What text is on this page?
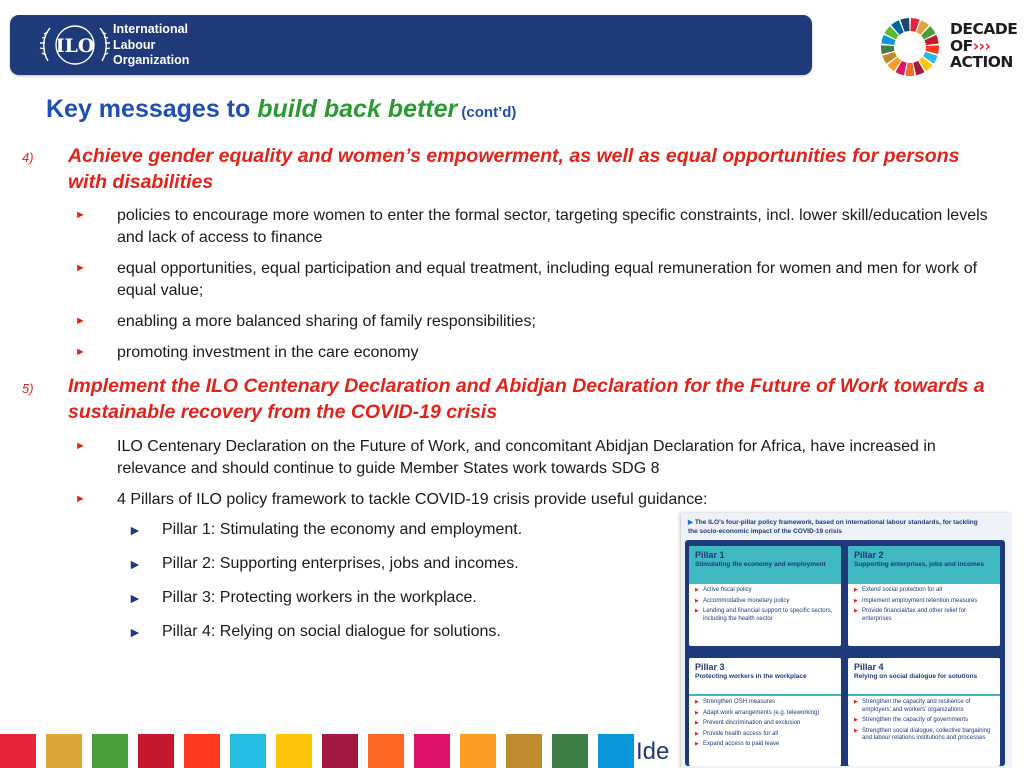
ILO
International
Labour
Organization
DECADE
OF›››
ACTION
Key messages to build back better (cont’d)
4) Achieve gender equality and women’s empowerment, as well as equal opportunities for persons with disabilities
► policies to encourage more women to enter the formal sector, targeting specific constraints, incl. lower skill/education levels and lack of access to finance
► equal opportunities, equal participation and equal treatment, including equal remuneration for women and men for work of equal value;
► enabling a more balanced sharing of family responsibilities;
► promoting investment in the care economy
5) Implement the ILO Centenary Declaration and Abidjan Declaration for the Future of Work towards a sustainable recovery from the COVID-19 crisis
► ILO Centenary Declaration on the Future of Work, and concomitant Abidjan Declaration for Africa, have increased in relevance and should continue to guide Member States work towards SDG 8
► 4 Pillars of ILO policy framework to tackle COVID-19 crisis provide useful guidance:
► Pillar 1: Stimulating the economy and employment.
► Pillar 2: Supporting enterprises, jobs and incomes.
► Pillar 3: Protecting workers in the workplace.
► Pillar 4: Relying on social dialogue for solutions.
Ide
▶ The ILO’s four-pillar policy framework, based on international labour standards, for tackling the socio-economic impact of the COVID-19 crisis
Pillar 1
Stimulating the economy and employment
▶ Active fiscal policy
▶ Accommodative monetary policy
▶ Lending and financial support to specific sectors, including the health sector
Pillar 2
Supporting enterprises, jobs and incomes
▶ Extend social protection for all
▶ Implement employment retention measures
▶ Provide financial/tax and other relief for enterprises
Pillar 3
Protecting workers in the workplace
▶ Strengthen OSH measures
▶ Adapt work arrangements (e.g. teleworking)
▶ Prevent discrimination and exclusion
▶ Provide health access for all
▶ Expand access to paid leave
Pillar 4
Relying on social dialogue for solutions
▶ Strengthen the capacity and resilience of employers’ and workers’ organizations
▶ Strengthen the capacity of governments
▶ Strengthen social dialogue, collective bargaining and labour relations institutions and processes
